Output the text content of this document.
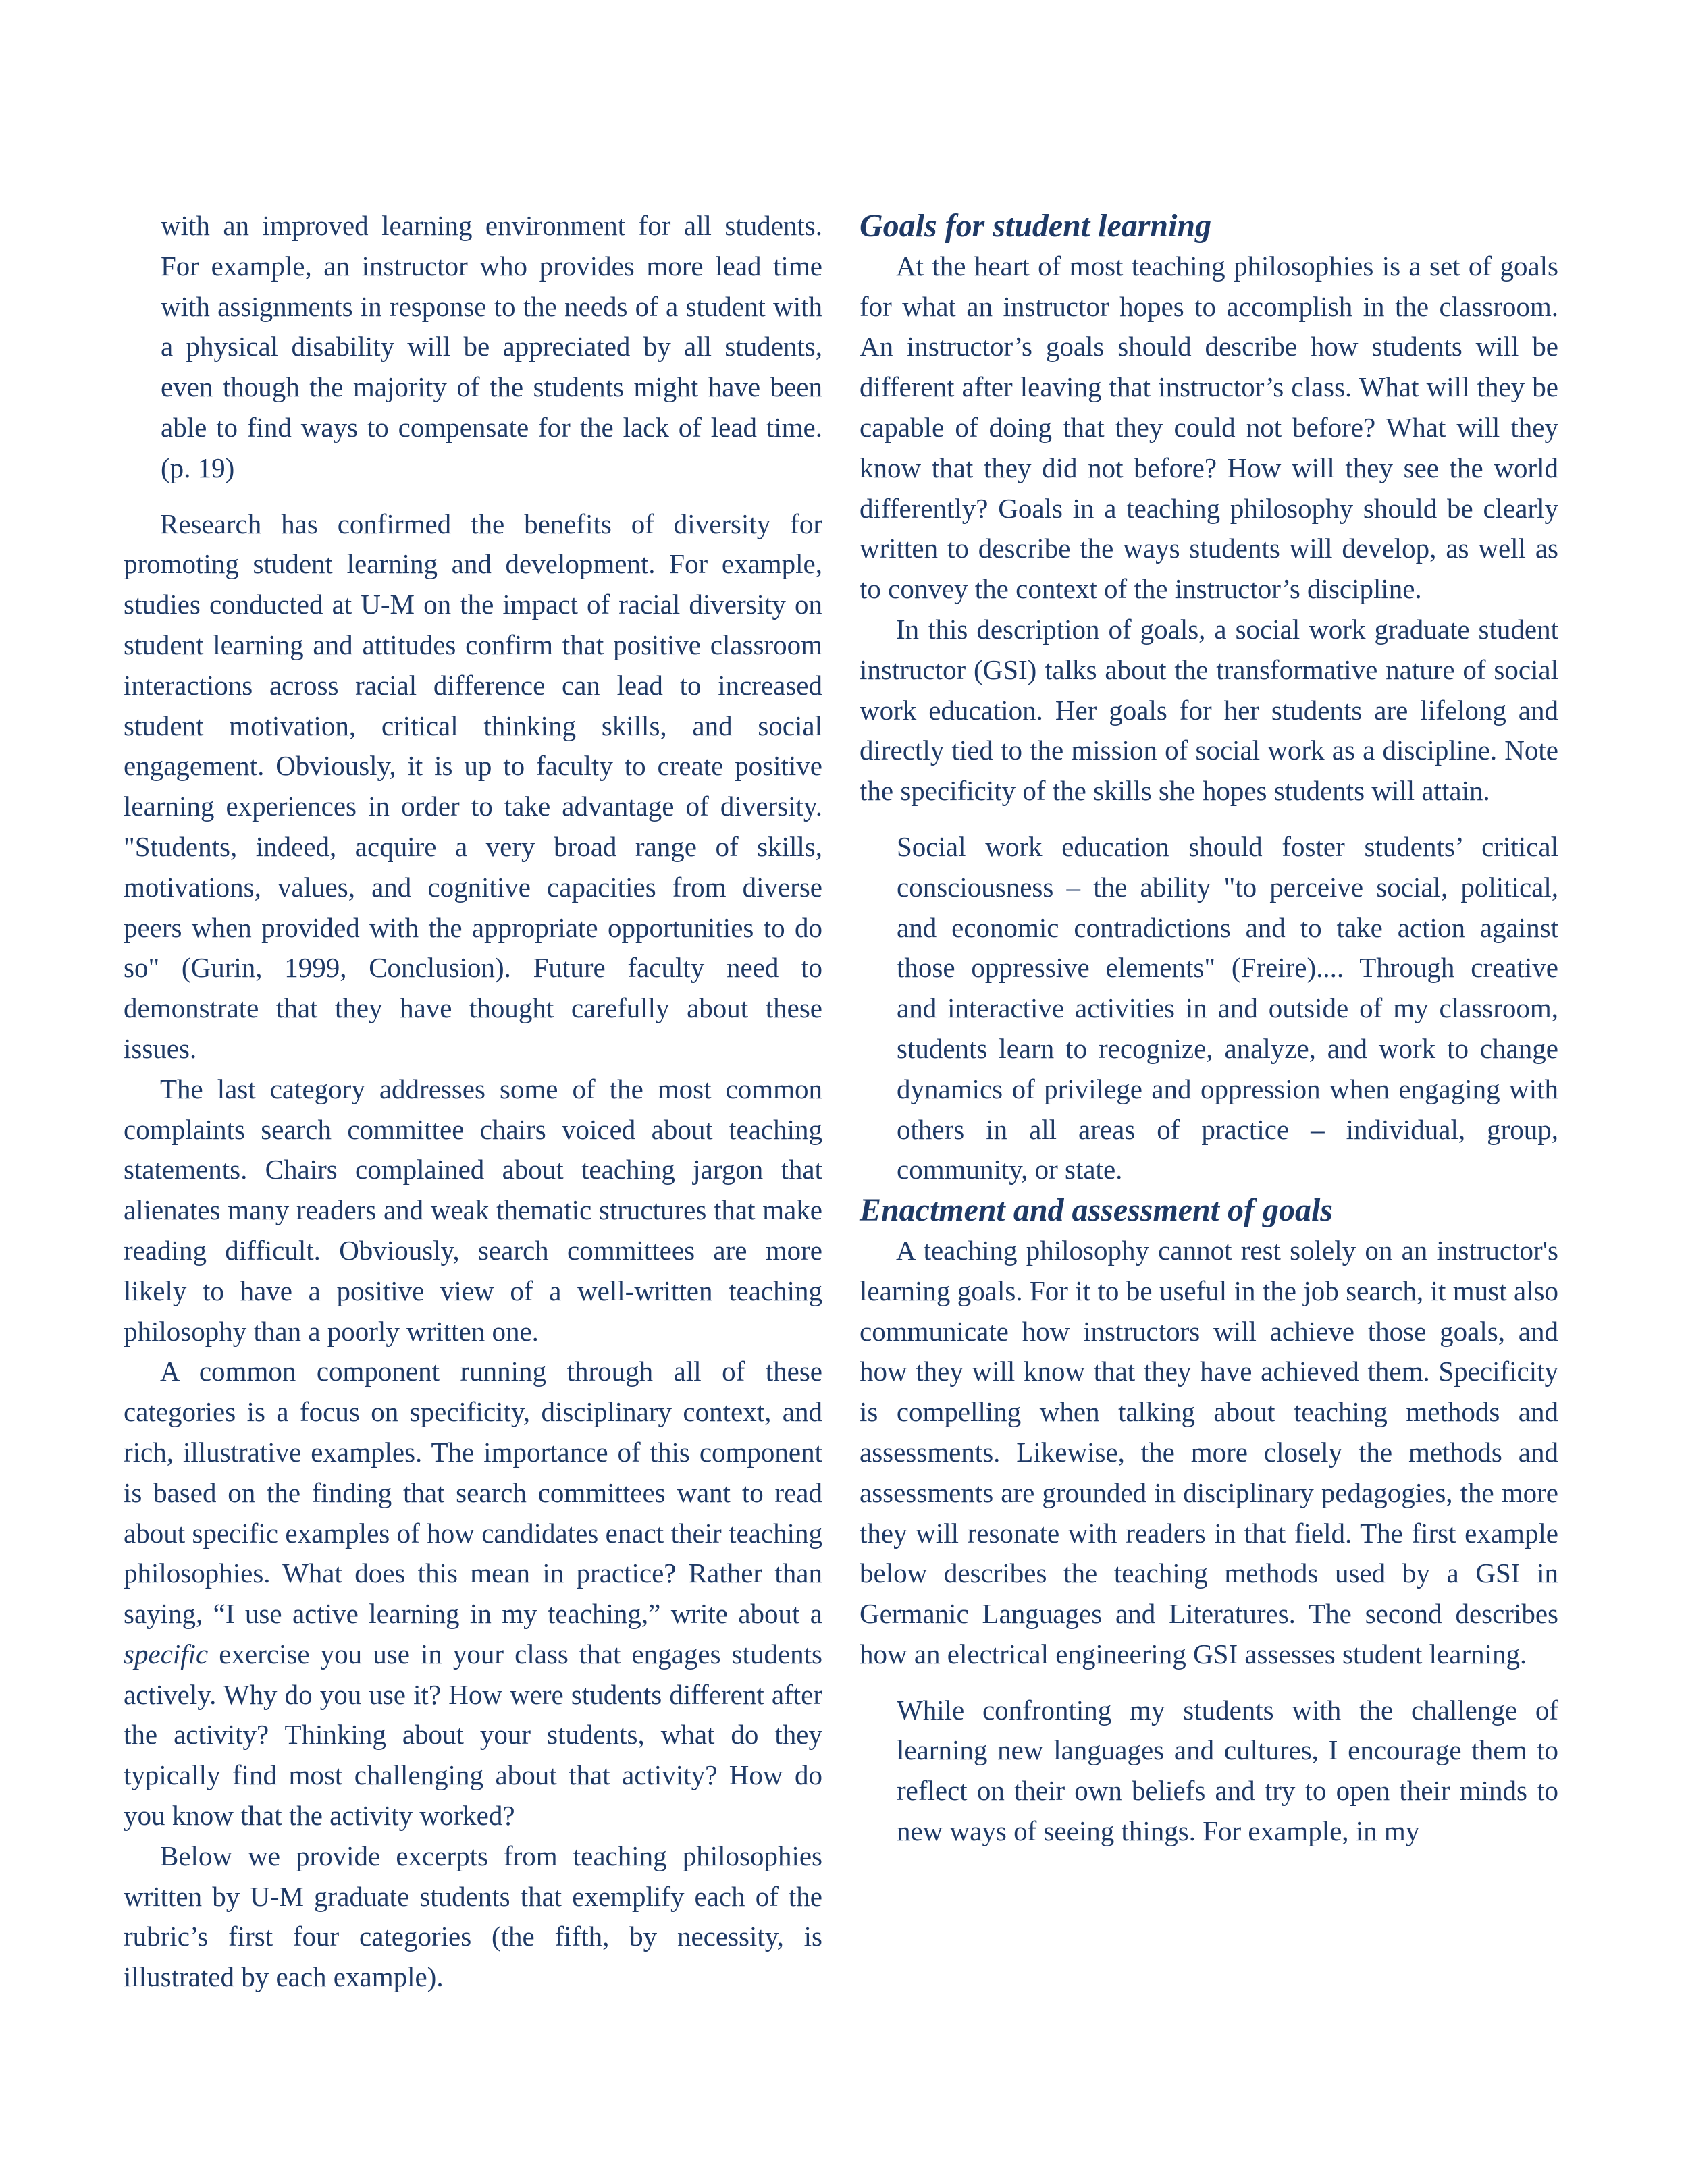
with an improved learning environment for all students. For example, an instructor who provides more lead time with assignments in response to the needs of a student with a physical disability will be appreciated by all students, even though the majority of the students might have been able to find ways to compensate for the lack of lead time. (p. 19)

Research has confirmed the benefits of diversity for promoting student learning and development. For example, studies conducted at U-M on the impact of racial diversity on student learning and attitudes confirm that positive classroom interactions across racial difference can lead to increased student motivation, critical thinking skills, and social engagement. Obviously, it is up to faculty to create positive learning experiences in order to take advantage of diversity. "Students, indeed, acquire a very broad range of skills, motivations, values, and cognitive capacities from diverse peers when provided with the appropriate opportunities to do so" (Gurin, 1999, Conclusion). Future faculty need to demonstrate that they have thought carefully about these issues.

The last category addresses some of the most common complaints search committee chairs voiced about teaching statements. Chairs complained about teaching jargon that alienates many readers and weak thematic structures that make reading difficult. Obviously, search committees are more likely to have a positive view of a well-written teaching philosophy than a poorly written one.

A common component running through all of these categories is a focus on specificity, disciplinary context, and rich, illustrative examples. The importance of this component is based on the finding that search committees want to read about specific examples of how candidates enact their teaching philosophies. What does this mean in practice? Rather than saying, “I use active learning in my teaching,” write about a specific exercise you use in your class that engages students actively. Why do you use it? How were students different after the activity? Thinking about your students, what do they typically find most challenging about that activity? How do you know that the activity worked?

Below we provide excerpts from teaching philosophies written by U-M graduate students that exemplify each of the rubric’s first four categories (the fifth, by necessity, is illustrated by each example).

Goals for student learning

At the heart of most teaching philosophies is a set of goals for what an instructor hopes to accomplish in the classroom. An instructor’s goals should describe how students will be different after leaving that instructor’s class. What will they be capable of doing that they could not before? What will they know that they did not before? How will they see the world differently? Goals in a teaching philosophy should be clearly written to describe the ways students will develop, as well as to convey the context of the instructor’s discipline.

In this description of goals, a social work graduate student instructor (GSI) talks about the transformative nature of social work education. Her goals for her students are lifelong and directly tied to the mission of social work as a discipline. Note the specificity of the skills she hopes students will attain.

Social work education should foster students’ critical consciousness – the ability "to perceive social, political, and economic contradictions and to take action against those oppressive elements" (Freire).... Through creative and interactive activities in and outside of my classroom, students learn to recognize, analyze, and work to change dynamics of privilege and oppression when engaging with others in all areas of practice – individual, group, community, or state.

Enactment and assessment of goals

A teaching philosophy cannot rest solely on an instructor's learning goals. For it to be useful in the job search, it must also communicate how instructors will achieve those goals, and how they will know that they have achieved them. Specificity is compelling when talking about teaching methods and assessments. Likewise, the more closely the methods and assessments are grounded in disciplinary pedagogies, the more they will resonate with readers in that field. The first example below describes the teaching methods used by a GSI in Germanic Languages and Literatures. The second describes how an electrical engineering GSI assesses student learning.

While confronting my students with the challenge of learning new languages and cultures, I encourage them to reflect on their own beliefs and try to open their minds to new ways of seeing things. For example, in my
